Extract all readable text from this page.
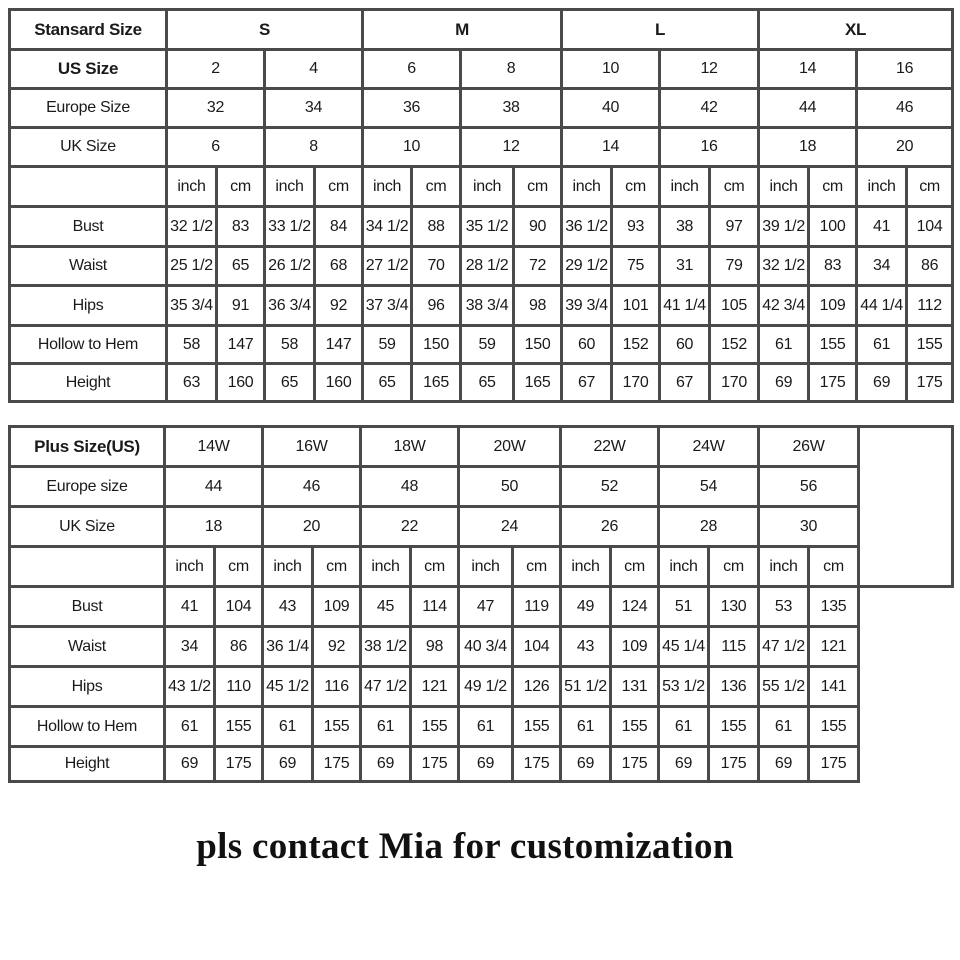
Stansard Size	S				M				L				XL			
US Size	2		4		6		8		10		12		14		16	
Europe Size	32		34		36		38		40		42		44		46	
UK Size	6		8		10		12		14		16		18		20	
	inch	cm	inch	cm	inch	cm	inch	cm	inch	cm	inch	cm	inch	cm	inch	cm
Bust	32 1/2	83	33 1/2	84	34 1/2	88	35 1/2	90	36 1/2	93	38	97	39 1/2	100	41	104
Waist	25 1/2	65	26 1/2	68	27 1/2	70	28 1/2	72	29 1/2	75	31	79	32 1/2	83	34	86
Hips	35 3/4	91	36 3/4	92	37 3/4	96	38 3/4	98	39 3/4	101	41 1/4	105	42 3/4	109	44 1/4	112
Hollow to Hem	58	147	58	147	59	150	59	150	60	152	60	152	61	155	61	155
Height	63	160	65	160	65	165	65	165	67	170	67	170	69	175	69	175
Plus Size(US)	14W		16W		18W		20W		22W		24W		26W		
Europe size	44		46		48		50		52		54		56		
UK Size	18		20		22		24		26		28		30		
	inch	cm	inch	cm	inch	cm	inch	cm	inch	cm	inch	cm	inch	cm	
Bust	41	104	43	109	45	114	47	119	49	124	51	130	53	135	
Waist	34	86	36 1/4	92	38 1/2	98	40 3/4	104	43	109	45 1/4	115	47 1/2	121	
Hips	43 1/2	110	45 1/2	116	47 1/2	121	49 1/2	126	51 1/2	131	53 1/2	136	55 1/2	141	
Hollow to Hem	61	155	61	155	61	155	61	155	61	155	61	155	61	155	
Height	69	175	69	175	69	175	69	175	69	175	69	175	69	175	
pls contact Mia for customization
